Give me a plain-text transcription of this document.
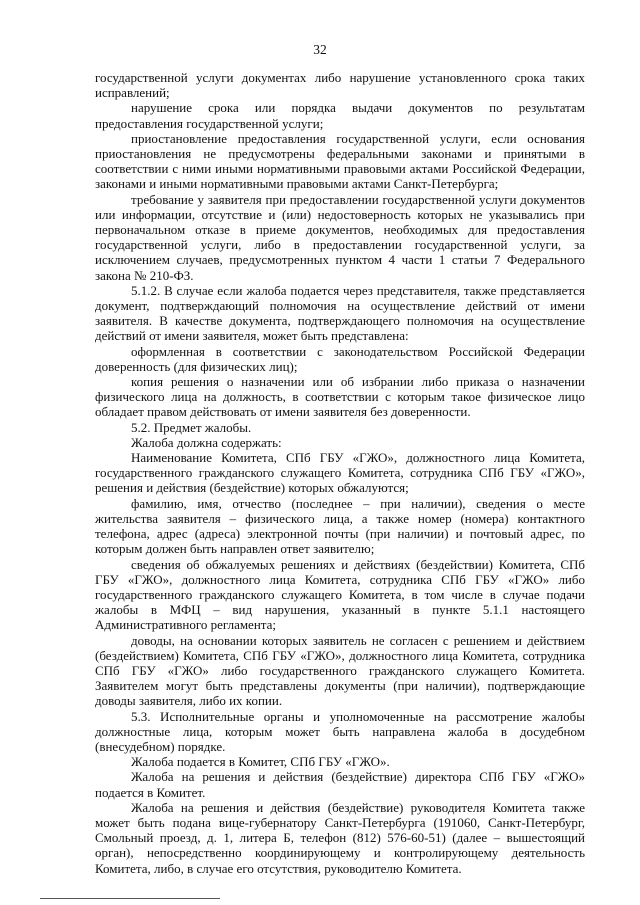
32

государственной услуги документах либо нарушение установленного срока таких исправлений;

нарушение срока или порядка выдачи документов по результатам предоставления государственной услуги;

приостановление предоставления государственной услуги, если основания приостановления не предусмотрены федеральными законами и принятыми в соответствии с ними иными нормативными правовыми актами Российской Федерации, законами и иными нормативными правовыми актами Санкт-Петербурга;

требование у заявителя при предоставлении государственной услуги документов или информации, отсутствие и (или) недостоверность которых не указывались при первоначальном отказе в приеме документов, необходимых для предоставления государственной услуги, либо в предоставлении государственной услуги, за исключением случаев, предусмотренных пунктом 4 части 1 статьи 7 Федерального закона № 210-ФЗ.

5.1.2. В случае если жалоба подается через представителя, также представляется документ, подтверждающий полномочия на осуществление действий от имени заявителя. В качестве документа, подтверждающего полномочия на осуществление действий от имени заявителя, может быть представлена:

оформленная в соответствии с законодательством Российской Федерации доверенность (для физических лиц);

копия решения о назначении или об избрании либо приказа о назначении физического лица на должность, в соответствии с которым такое физическое лицо обладает правом действовать от имени заявителя без доверенности.

5.2. Предмет жалобы.

Жалоба должна содержать:

Наименование Комитета, СПб ГБУ «ГЖО», должностного лица Комитета, государственного гражданского служащего Комитета, сотрудника СПб ГБУ «ГЖО», решения и действия (бездействие) которых обжалуются;

фамилию, имя, отчество (последнее – при наличии), сведения о месте жительства заявителя – физического лица, а также номер (номера) контактного телефона, адрес (адреса) электронной почты (при наличии) и почтовый адрес, по которым должен быть направлен ответ заявителю;

сведения об обжалуемых решениях и действиях (бездействии) Комитета, СПб ГБУ «ГЖО», должностного лица Комитета, сотрудника СПб ГБУ «ГЖО» либо государственного гражданского служащего Комитета, в том числе в случае подачи жалобы в МФЦ – вид нарушения, указанный в пункте 5.1.1 настоящего Административного регламента;

доводы, на основании которых заявитель не согласен с решением и действием (бездействием) Комитета, СПб ГБУ «ГЖО», должностного лица Комитета, сотрудника СПб ГБУ «ГЖО» либо государственного гражданского служащего Комитета. Заявителем могут быть представлены документы (при наличии), подтверждающие доводы заявителя, либо их копии.

5.3. Исполнительные органы и уполномоченные на рассмотрение жалобы должностные лица, которым может быть направлена жалоба в досудебном (внесудебном) порядке.

Жалоба подается в Комитет, СПб ГБУ «ГЖО».

Жалоба на решения и действия (бездействие) директора СПб ГБУ «ГЖО» подается в Комитет.

Жалоба на решения и действия (бездействие) руководителя Комитета также может быть подана вице-губернатору Санкт-Петербурга (191060, Санкт-Петербург, Смольный проезд, д. 1, литера Б, телефон (812) 576-60-51) (далее – вышестоящий орган), непосредственно координирующему и контролирующему деятельность Комитета, либо, в случае его отсутствия, руководителю Комитета.
